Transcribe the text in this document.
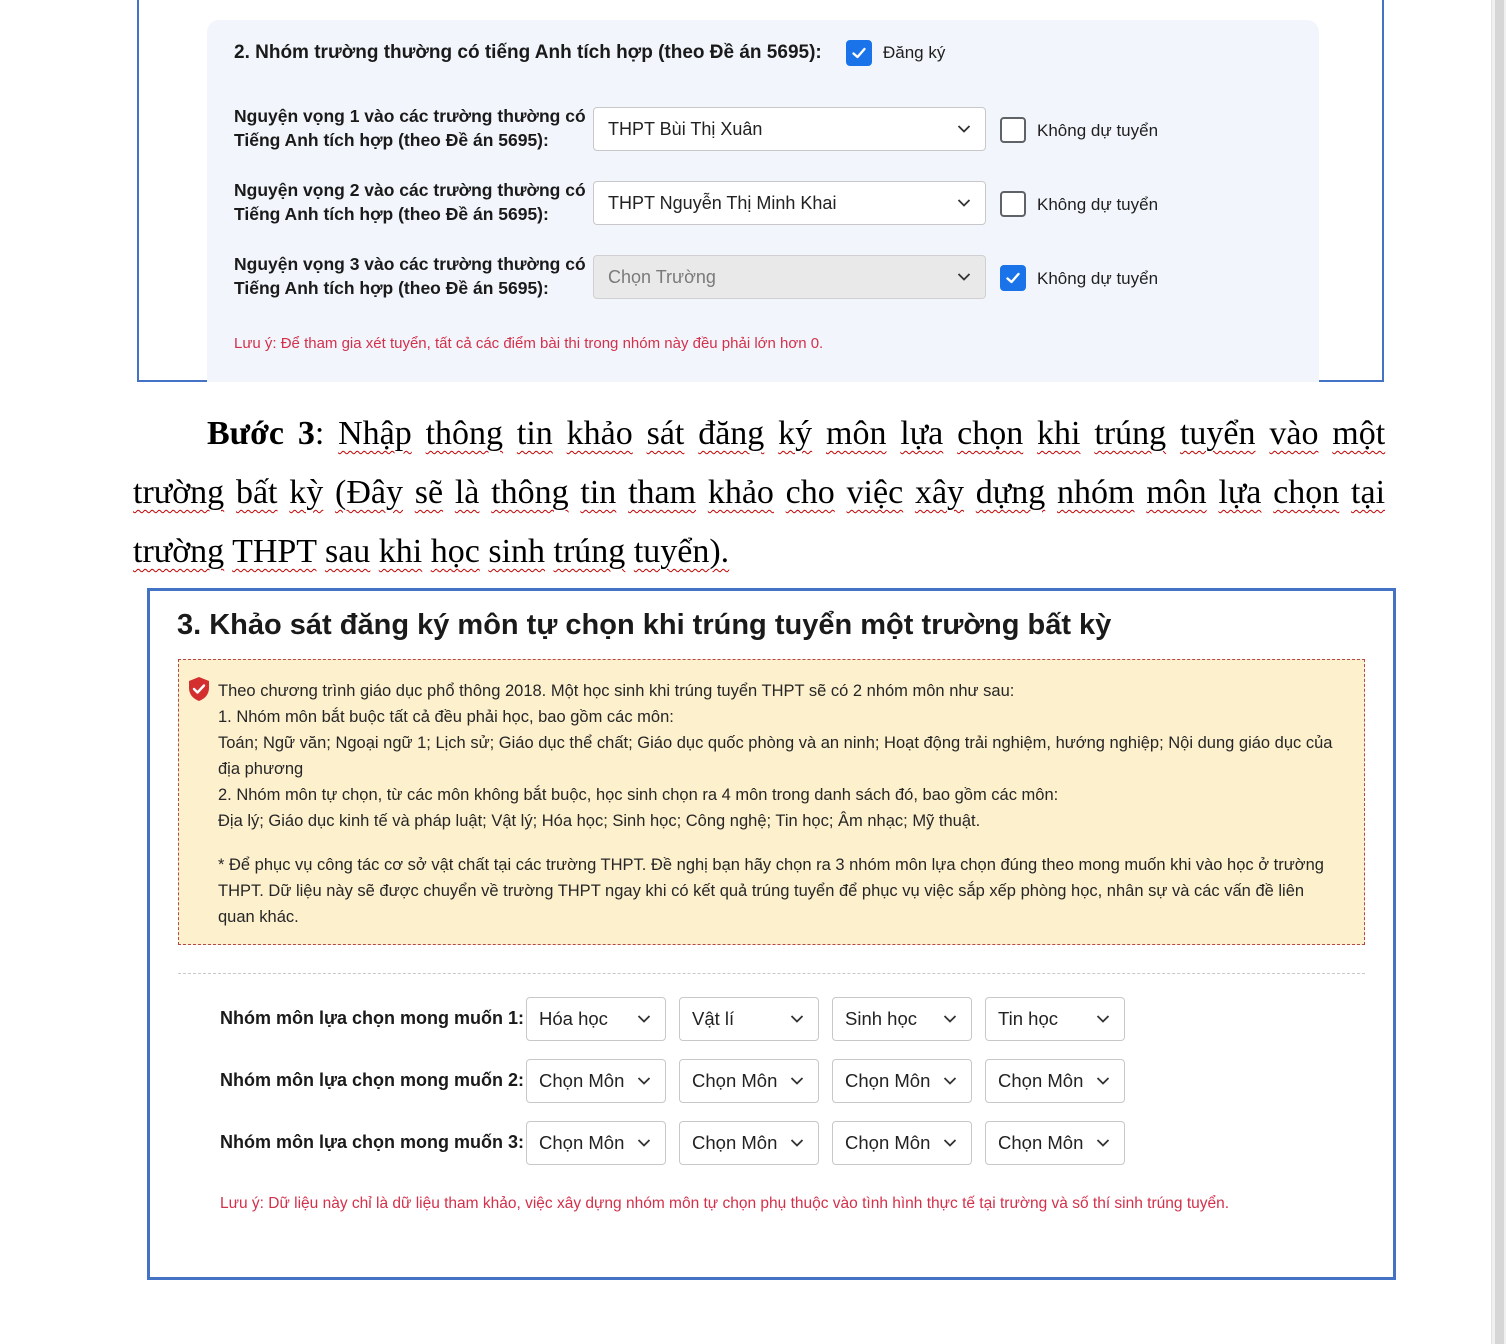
2. Nhóm trường thường có tiếng Anh tích hợp (theo Đề án 5695):	Đăng ký
Nguyện vọng 1 vào các trường thường có
Tiếng Anh tích hợp (theo Đề án 5695):
THPT Bùi Thị Xuân	Không dự tuyển
Nguyện vọng 2 vào các trường thường có
Tiếng Anh tích hợp (theo Đề án 5695):
THPT Nguyễn Thị Minh Khai	Không dự tuyển
Nguyện vọng 3 vào các trường thường có
Tiếng Anh tích hợp (theo Đề án 5695):
Chọn Trường	Không dự tuyển
Lưu ý: Để tham gia xét tuyển, tất cả các điểm bài thi trong nhóm này đều phải lớn hơn 0.
Bước 3: Nhập thông tin khảo sát đăng ký môn lựa chọn khi trúng tuyển vào một trường bất kỳ (Đây sẽ là thông tin tham khảo cho việc xây dựng nhóm môn lựa chọn tại trường THPT sau khi học sinh trúng tuyển).
3. Khảo sát đăng ký môn tự chọn khi trúng tuyển một trường bất kỳ

Theo chương trình giáo dục phổ thông 2018. Một học sinh khi trúng tuyển THPT sẽ có 2 nhóm môn như sau:

1. Nhóm môn bắt buộc tất cả đều phải học, bao gồm các môn:

Toán; Ngữ văn; Ngoại ngữ 1; Lịch sử; Giáo dục thể chất; Giáo dục quốc phòng và an ninh; Hoạt động trải nghiệm, hướng nghiệp; Nội dung giáo dục của địa phương

2. Nhóm môn tự chọn, từ các môn không bắt buộc, học sinh chọn ra 4 môn trong danh sách đó, bao gồm các môn:

Địa lý; Giáo dục kinh tế và pháp luật; Vật lý; Hóa học; Sinh học; Công nghệ; Tin học; Âm nhạc; Mỹ thuật.

* Để phục vụ công tác cơ sở vật chất tại các trường THPT. Đề nghị bạn hãy chọn ra 3 nhóm môn lựa chọn đúng theo mong muốn khi vào học ở trường THPT. Dữ liệu này sẽ được chuyển về trường THPT ngay khi có kết quả trúng tuyển để phục vụ việc sắp xếp phòng học, nhân sự và các vấn đề liên quan khác.

Nhóm môn lựa chọn mong muốn 1: Hóa học	Vật lí	Sinh học	Tin học
Nhóm môn lựa chọn mong muốn 2: Chọn Môn	Chọn Môn	Chọn Môn	Chọn Môn
Nhóm môn lựa chọn mong muốn 3: Chọn Môn	Chọn Môn	Chọn Môn	Chọn Môn
Lưu ý: Dữ liệu này chỉ là dữ liệu tham khảo, việc xây dựng nhóm môn tự chọn phụ thuộc vào tình hình thực tế tại trường và số thí sinh trúng tuyển.
